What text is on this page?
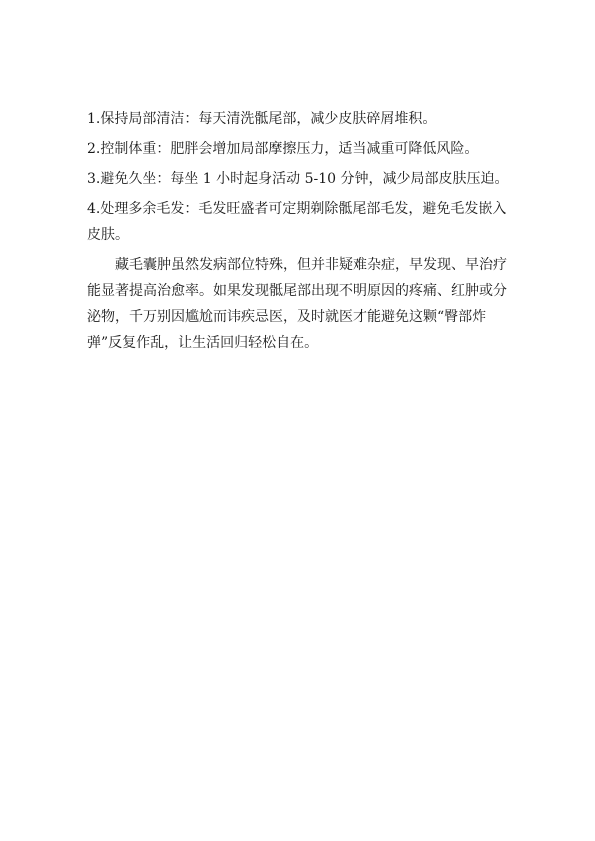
1.保持局部清洁：每天清洗骶尾部，减少皮肤碎屑堆积。

2.控制体重：肥胖会增加局部摩擦压力，适当减重可降低风险。

3.避免久坐：每坐 1 小时起身活动 5-10 分钟，减少局部皮肤压迫。

4.处理多余毛发：毛发旺盛者可定期剃除骶尾部毛发，避免毛发嵌入皮肤。

藏毛囊肿虽然发病部位特殊，但并非疑难杂症，早发现、早治疗能显著提高治愈率。如果发现骶尾部出现不明原因的疼痛、红肿或分泌物，千万别因尴尬而讳疾忌医，及时就医才能避免这颗“臀部炸弹”反复作乱，让生活回归轻松自在。
